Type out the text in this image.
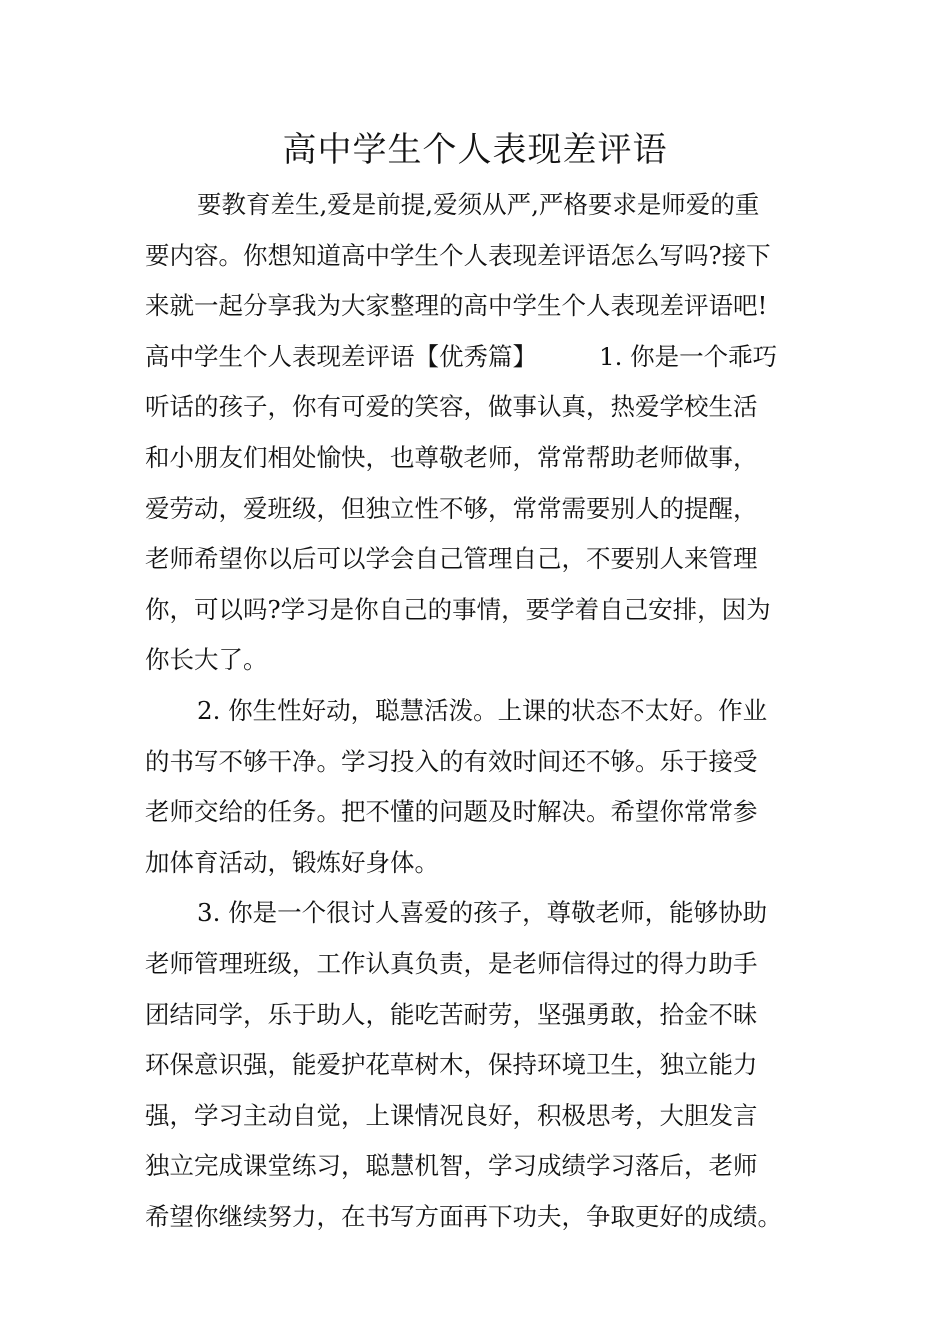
高中学生个人表现差评语
要教育差生,爱是前提,爱须从严,严格要求是师爱的重
要内容。你想知道高中学生个人表现差评语怎么写吗?接下
来就一起分享我为大家整理的高中学生个人表现差评语吧!
高中学生个人表现差评语【优秀篇】	1. 你是一个乖巧
听话的孩子，你有可爱的笑容，做事认真，热爱学校生活
和小朋友们相处愉快，也尊敬老师，常常帮助老师做事，
爱劳动，爱班级，但独立性不够，常常需要别人的提醒，
老师希望你以后可以学会自己管理自己，不要别人来管理
你，可以吗?学习是你自己的事情，要学着自己安排，因为
你长大了。
2. 你生性好动，聪慧活泼。上课的状态不太好。作业
的书写不够干净。学习投入的有效时间还不够。乐于接受
老师交给的任务。把不懂的问题及时解决。希望你常常参
加体育活动，锻炼好身体。
3. 你是一个很讨人喜爱的孩子，尊敬老师，能够协助
老师管理班级，工作认真负责，是老师信得过的得力助手
团结同学，乐于助人，能吃苦耐劳，坚强勇敢，拾金不昧
环保意识强，能爱护花草树木，保持环境卫生，独立能力
强，学习主动自觉，上课情况良好，积极思考，大胆发言
独立完成课堂练习，聪慧机智，学习成绩学习落后，老师
希望你继续努力，在书写方面再下功夫，争取更好的成绩。
